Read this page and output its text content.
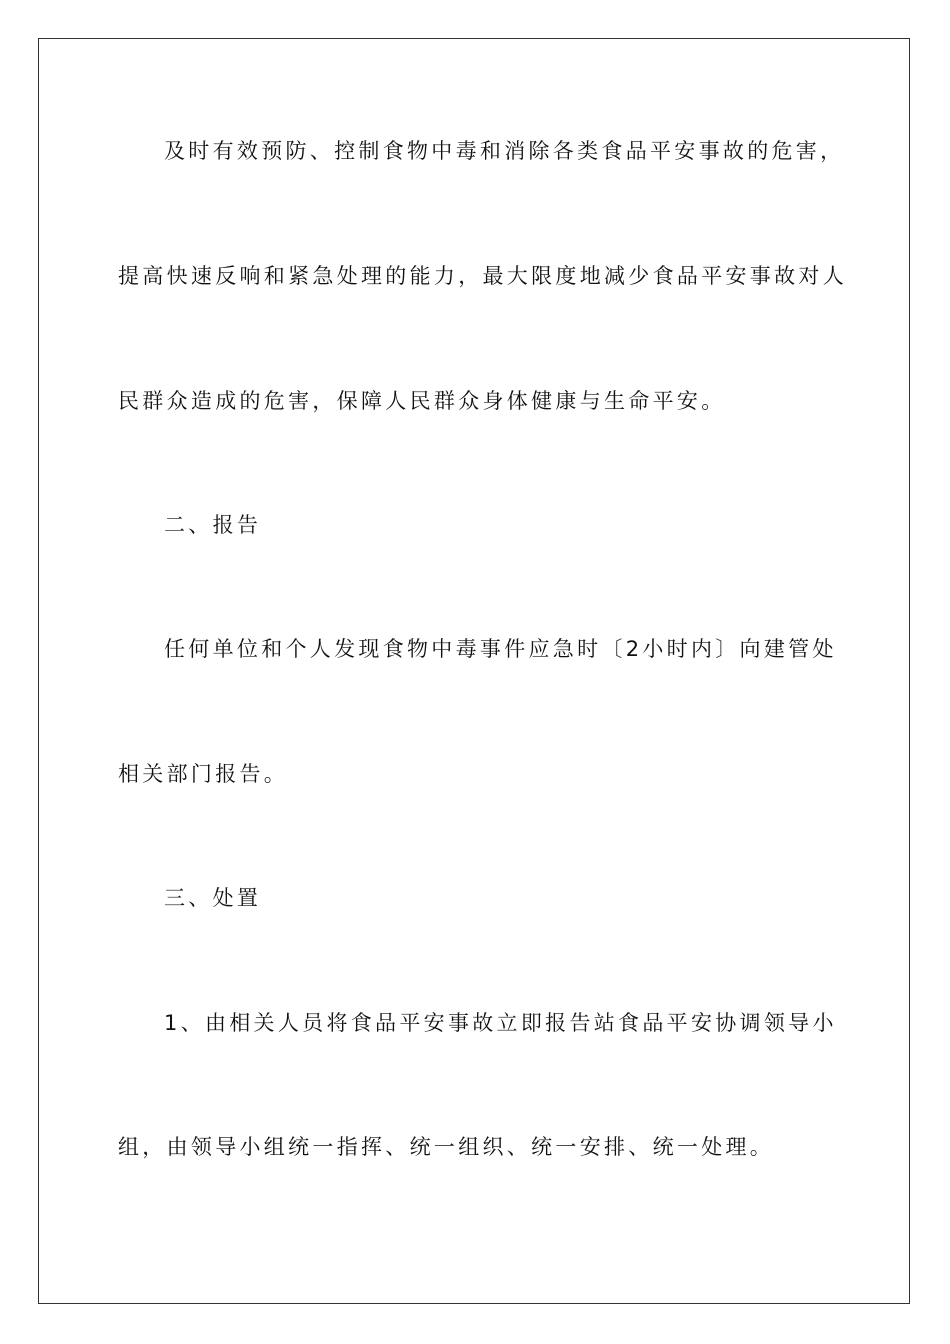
及时有效预防、控制食物中毒和消除各类食品平安事故的危害，
提高快速反响和紧急处理的能力，最大限度地减少食品平安事故对人
民群众造成的危害，保障人民群众身体健康与生命平安。
二、报告
任何单位和个人发现食物中毒事件应急时〔2小时内〕向建管处
相关部门报告。
三、处置
1、由相关人员将食品平安事故立即报告站食品平安协调领导小
组，由领导小组统一指挥、统一组织、统一安排、统一处理。
